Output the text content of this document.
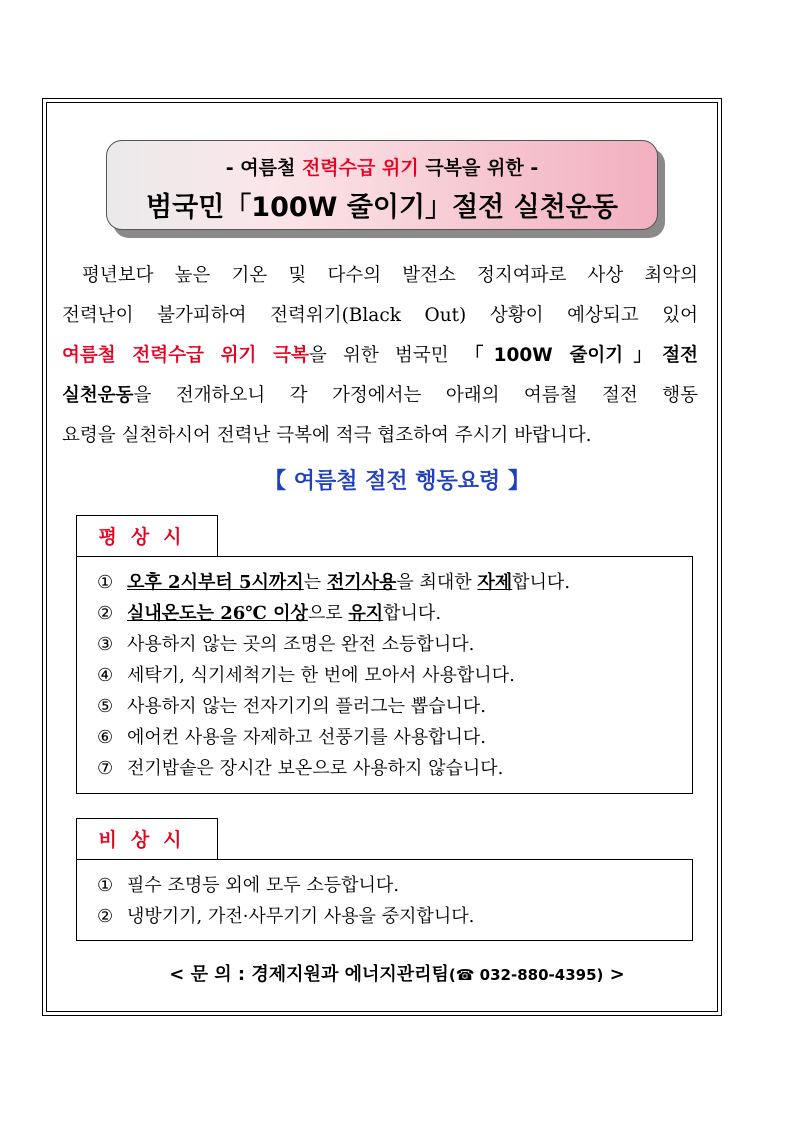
- 여름철 전력수급 위기 극복을 위한 -
범국민「100W 줄이기」절전 실천운동
평년보다 높은 기온 및 다수의 발전소 정지여파로 사상 최악의
전력난이 불가피하여 전력위기(Black Out) 상황이 예상되고 있어
여름철 전력수급 위기 극복을 위한 범국민 「100W 줄이기」절전
실천운동을 전개하오니 각 가정에서는 아래의 여름철 절전 행동
요령을 실천하시어 전력난 극복에 적극 협조하여 주시기 바랍니다.
【 여름철 절전 행동요령 】
평상시
① 오후 2시부터 5시까지는 전기사용을 최대한 자제합니다.
② 실내온도는 26℃ 이상으로 유지합니다.
③ 사용하지 않는 곳의 조명은 완전 소등합니다.
④ 세탁기, 식기세척기는 한 번에 모아서 사용합니다.
⑤ 사용하지 않는 전자기기의 플러그는 뽑습니다.
⑥ 에어컨 사용을 자제하고 선풍기를 사용합니다.
⑦ 전기밥솥은 장시간 보온으로 사용하지 않습니다.
비상시
① 필수 조명등 외에 모두 소등합니다.
② 냉방기기, 가전·사무기기 사용을 중지합니다.
< 문 의 : 경제지원과 에너지관리팀(☎ 032-880-4395) >
